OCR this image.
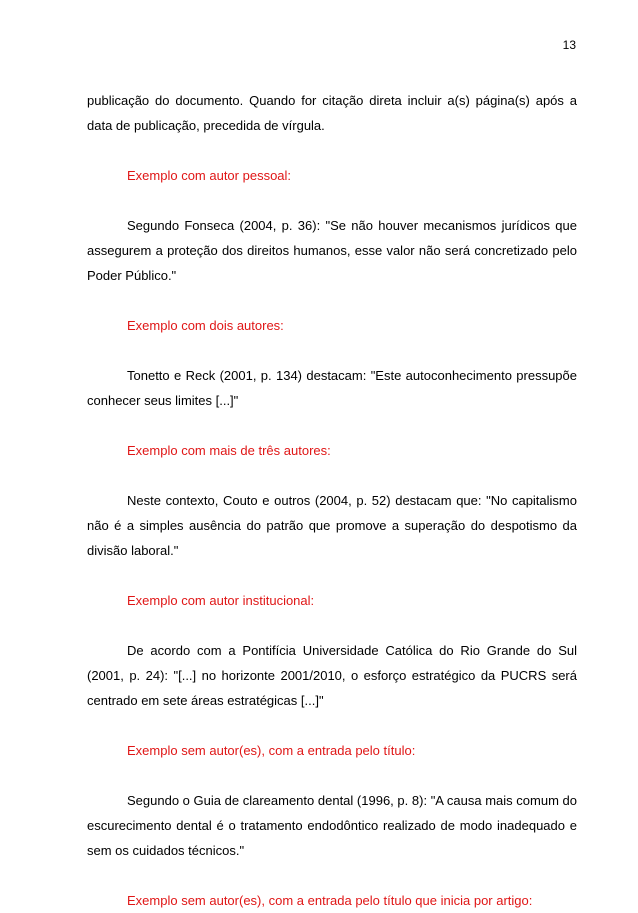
13

publicação do documento. Quando for citação direta incluir a(s) página(s) após a data de publicação, precedida de vírgula.

Exemplo com autor pessoal:

Segundo Fonseca (2004, p. 36): "Se não houver mecanismos jurídicos que assegurem a proteção dos direitos humanos, esse valor não será concretizado pelo Poder Público."

Exemplo com dois autores:

Tonetto e Reck (2001, p. 134) destacam: "Este autoconhecimento pressupõe conhecer seus limites [...]"

Exemplo com mais de três autores:

Neste contexto, Couto e outros (2004, p. 52) destacam que: "No capitalismo não é a simples ausência do patrão que promove a superação do despotismo da divisão laboral."

Exemplo com autor institucional:

De acordo com a Pontifícia Universidade Católica do Rio Grande do Sul (2001, p. 24): "[...] no horizonte 2001/2010, o esforço estratégico da PUCRS será centrado em sete áreas estratégicas [...]"

Exemplo sem autor(es), com a entrada pelo título:

Segundo o Guia de clareamento dental (1996, p. 8): "A causa mais comum do escurecimento dental é o tratamento endodôntico realizado de modo inadequado e sem os cuidados técnicos."

Exemplo sem autor(es), com a entrada pelo título que inicia por artigo:
